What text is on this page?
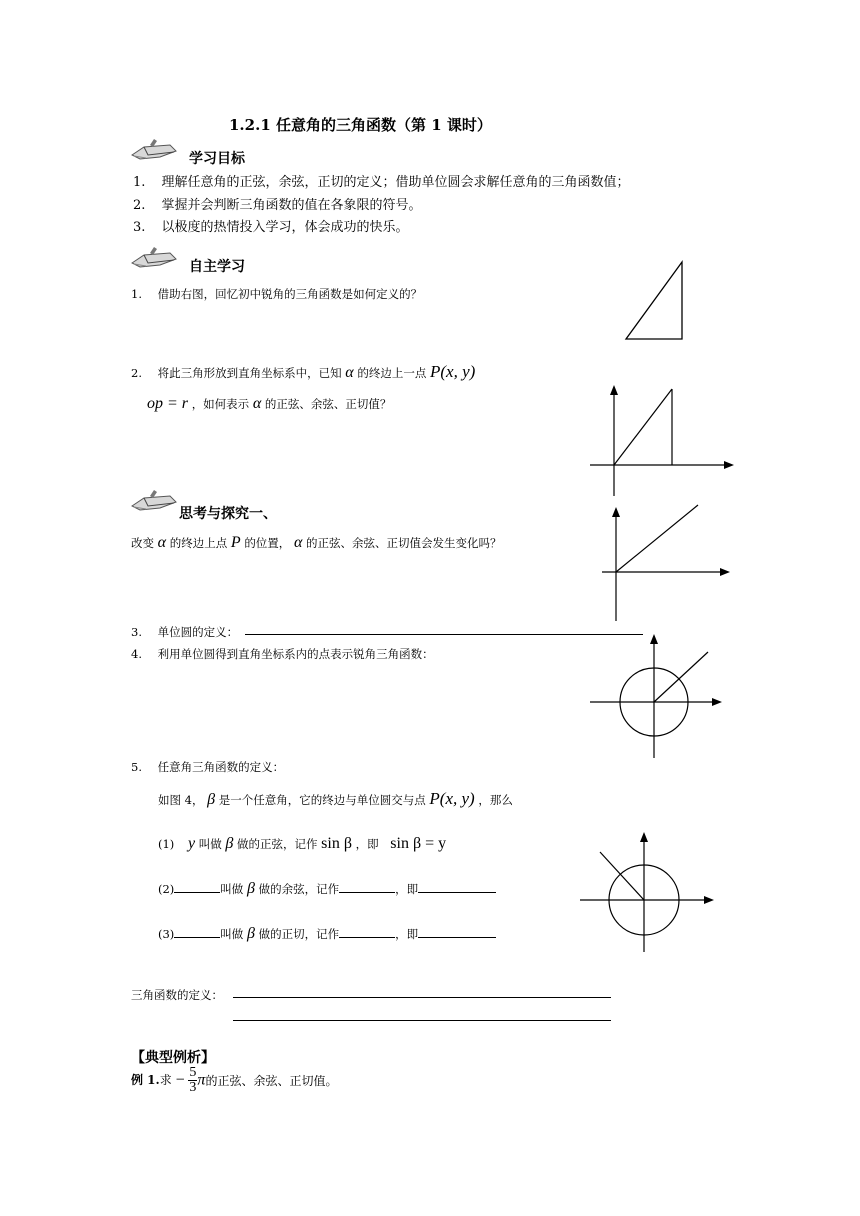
1.2.1 任意角的三角函数（第 1 课时）
学习目标
1. 理解任意角的正弦，余弦，正切的定义；借助单位圆会求解任意角的三角函数值；
2. 掌握并会判断三角函数的值在各象限的符号。
3. 以极度的热情投入学习，体会成功的快乐。
自主学习
1. 借助右图，回忆初中锐角的三角函数是如何定义的？
2. 将此三角形放到直角坐标系中，已知 α 的终边上一点 P(x, y)
op = r ，如何表示 α 的正弦、余弦、正切值？
思考与探究一、
改变 α 的终边上点 P 的位置， α 的正弦、余弦、正切值会发生变化吗？
3. 单位圆的定义：
4. 利用单位圆得到直角坐标系内的点表示锐角三角函数：
5. 任意角三角函数的定义：
如图 4， β 是一个任意角，它的终边与单位圆交与点 P(x, y) ，那么
(1) y 叫做 β 做的正弦，记作 sin β ，即 sin β = y
(2)	叫做 β 做的余弦，记作	，即
(3)	叫做 β 做的正切，记作	，即
三角函数的定义：
【典型例析】
例 1.求 − $\frac{5}{3}$ π的正弦、余弦、正切值。
